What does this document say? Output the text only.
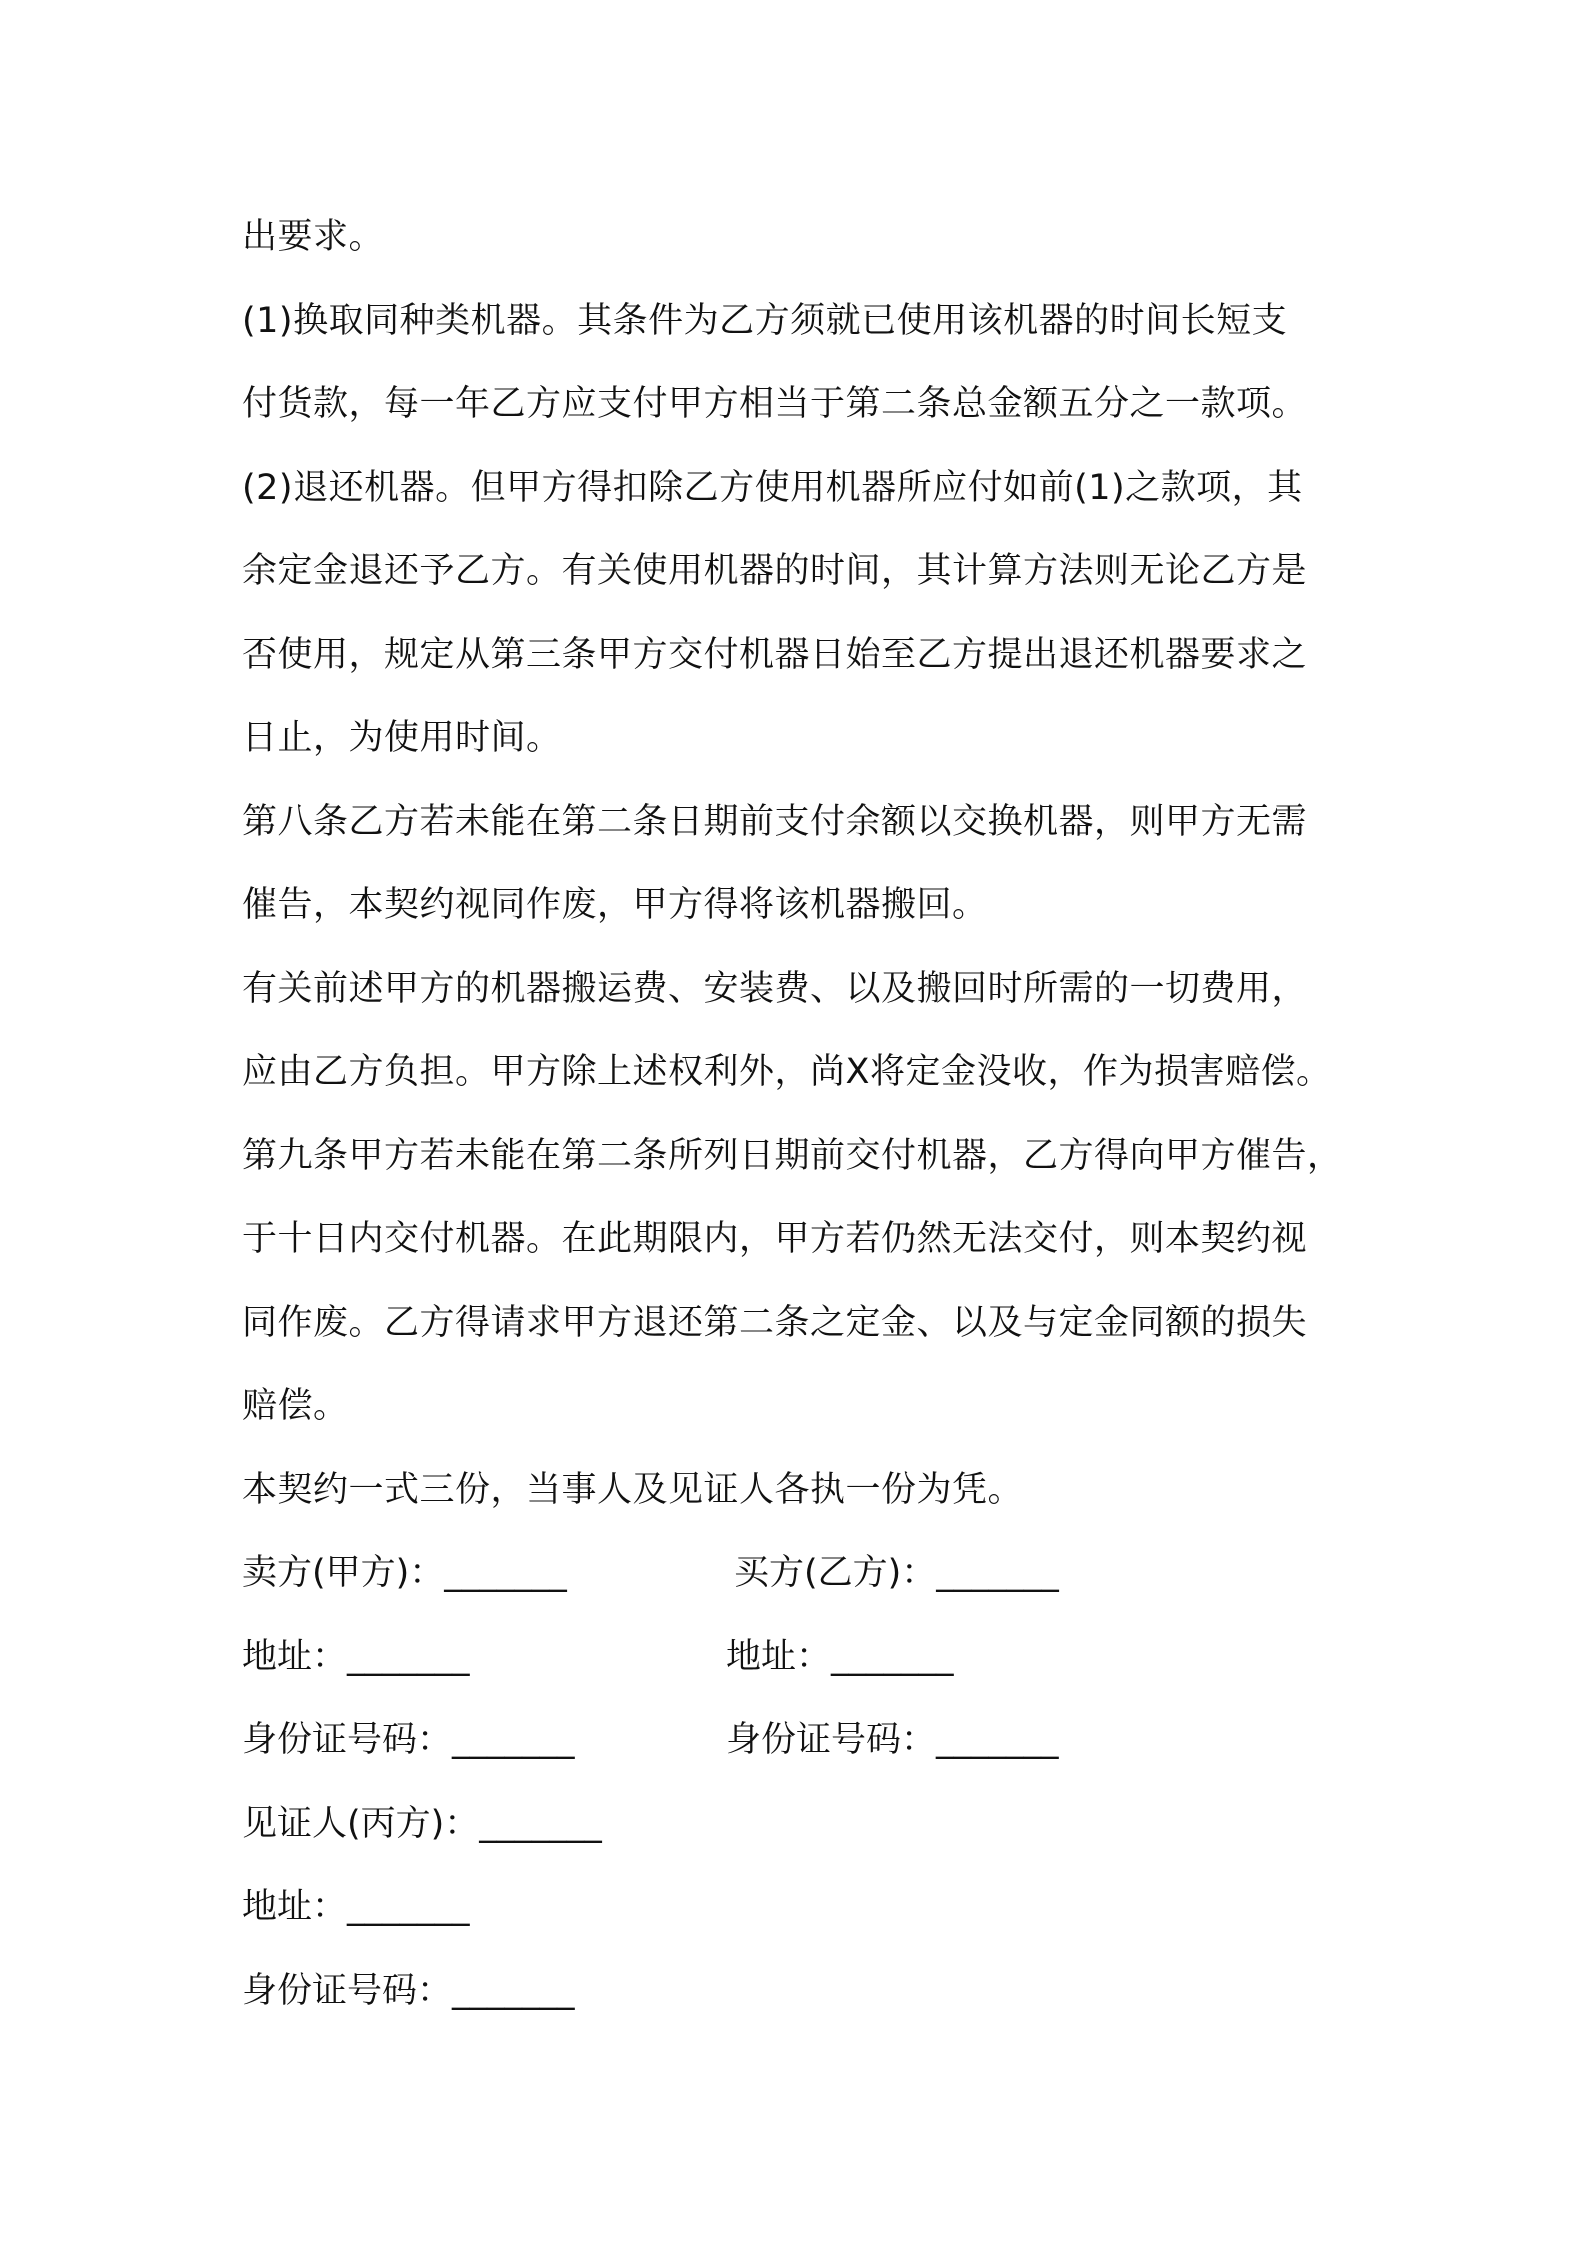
出要求。
(1)换取同种类机器。其条件为乙方须就已使用该机器的时间长短支
付货款，每一年乙方应支付甲方相当于第二条总金额五分之一款项。
(2)退还机器。但甲方得扣除乙方使用机器所应付如前(1)之款项，其
余定金退还予乙方。有关使用机器的时间，其计算方法则无论乙方是
否使用，规定从第三条甲方交付机器日始至乙方提出退还机器要求之
日止，为使用时间。
第八条乙方若未能在第二条日期前支付余额以交换机器，则甲方无需
催告，本契约视同作废，甲方得将该机器搬回。
有关前述甲方的机器搬运费、安装费、以及搬回时所需的一切费用，
应由乙方负担。甲方除上述权利外，尚X将定金没收，作为损害赔偿。
第九条甲方若未能在第二条所列日期前交付机器，乙方得向甲方催告，
于十日内交付机器。在此期限内，甲方若仍然无法交付，则本契约视
同作废。乙方得请求甲方退还第二条之定金、以及与定金同额的损失
赔偿。
本契约一式三份，当事人及见证人各执一份为凭。
卖方(甲方)：_______	买方(乙方)：_______
地址：_______	地址：_______
身份证号码：_______	身份证号码：_______
见证人(丙方)：_______
地址：_______
身份证号码：_______
